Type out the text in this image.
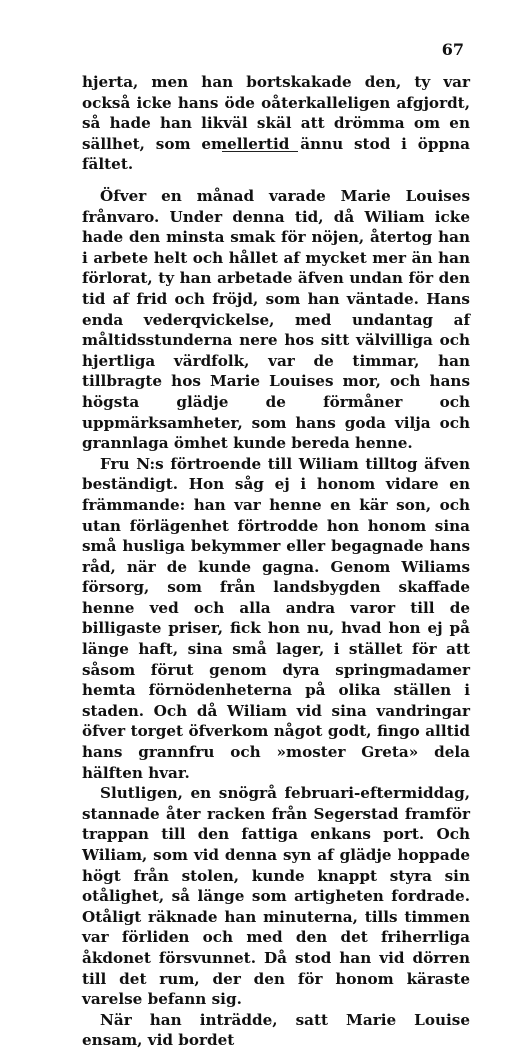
67

hjerta, men han bortskakade den, ty var också icke hans öde oåterkalleligen afgjordt, så hade han likväl skäl att drömma om en sällhet, som emellertid ännu stod i öppna fältet.

Öfver en månad varade Marie Louises frånvaro. Under denna tid, då Wiliam icke hade den minsta smak för nöjen, återtog han i arbete helt och hållet af mycket mer än han förlorat, ty han arbetade äfven undan för den tid af frid och fröjd, som han väntade. Hans enda vederqvickelse, med undantag af måltidsstunderna nere hos sitt välvilliga och hjertliga värdfolk, var de timmar, han tillbragte hos Marie Louises mor, och hans högsta glädje de förmåner och uppmärksamheter, som hans goda vilja och grannlaga ömhet kunde bereda henne.

Fru N:s förtroende till Wiliam tilltog äfven beständigt. Hon såg ej i honom vidare en främmande: han var henne en kär son, och utan förlägenhet förtrodde hon honom sina små husliga bekymmer eller begagnade hans råd, när de kunde gagna. Genom Wiliams försorg, som från landsbygden skaffade henne ved och alla andra varor till de billigaste priser, fick hon nu, hvad hon ej på länge haft, sina små lager, i stället för att såsom förut genom dyra springmadamer hemta förnödenheterna på olika ställen i staden. Och då Wiliam vid sina vandringar öfver torget öfverkom något godt, fingo alltid hans grannfru och »moster Greta» dela hälften hvar.

Slutligen, en snögrå februari-eftermiddag, stannade åter racken från Segerstad framför trappan till den fattiga enkans port. Och Wiliam, som vid denna syn af glädje hoppade högt från stolen, kunde knappt styra sin otålighet, så länge som artigheten fordrade. Otåligt räknade han minuterna, tills timmen var förliden och med den det friherrliga åkdonet försvunnet. Då stod han vid dörren till det rum, der den för honom käraste varelse befann sig.

När han inträdde, satt Marie Louise ensam, vid bordet
